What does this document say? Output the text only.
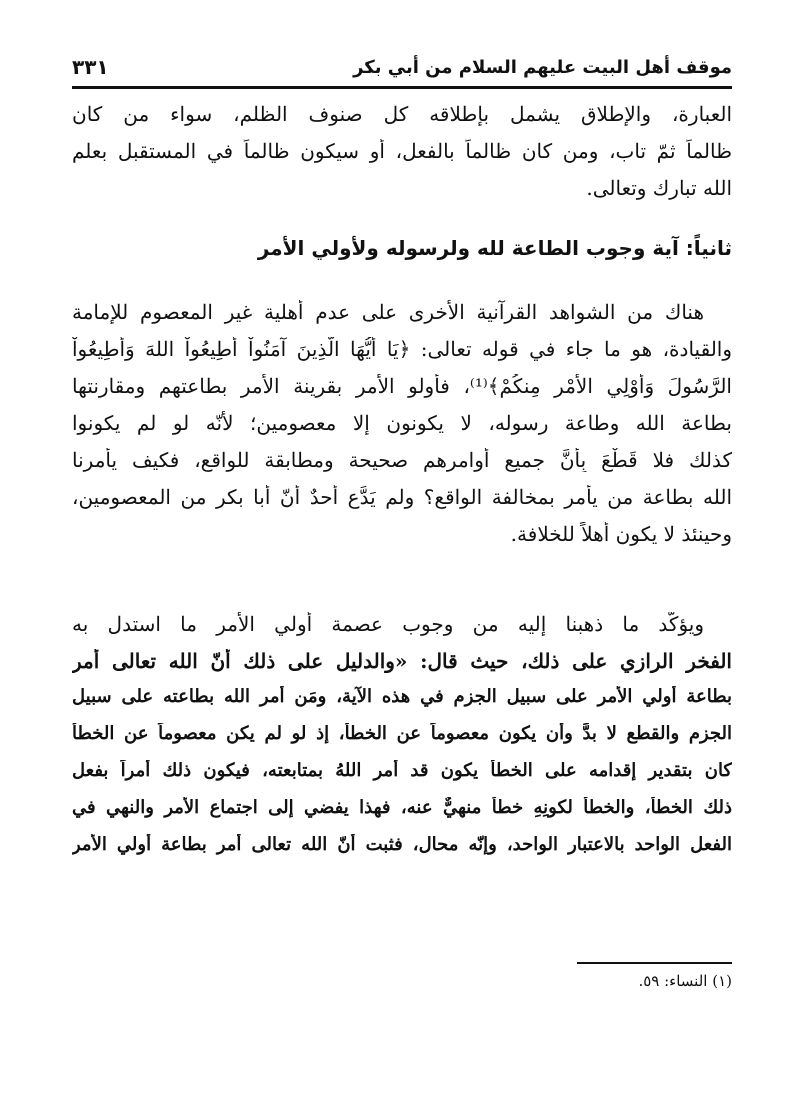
موقف أهل البيت عليهم السلام من أبي بكر
٣٣١
العبارة، والإطلاق يشمل بإطلاقه كل صنوف الظلم، سواء من كان
ظالماً ثمّ تاب، ومن كان ظالماً بالفعل، أو سيكون ظالماً في المستقبل بعلم
الله تبارك وتعالى.
ثانياً: آية وجوب الطاعة لله ولرسوله ولأولي الأمر
هناك من الشواهد القرآنية الأخرى على عدم أهلية غير المعصوم للإمامة
والقيادة، هو ما جاء في قوله تعالى: ﴿يَا أَيُّهَا الَّذِينَ آمَنُواْ أَطِيعُواْ اللهَ وَأَطِيعُواْ
الرَّسُولَ وَأُوْلِي الأَمْرِ مِنكُمْ﴾⁽¹⁾، فأُولو الأمر بقرينة الأمر بطاعتهم ومقارنتها
بطاعة الله وطاعة رسوله، لا يكونون إلا معصومين؛ لأنّه لو لم يكونوا
كذلك فلا قَطْعَ بِأَنَّ جميع أوامرهم صحيحة ومطابقة للواقع، فكيف يأمرنا
الله بطاعة من يأمر بمخالفة الواقع؟ ولم يَدَّعِ أحدٌ أنّ أبا بكر من المعصومين،
وحينئذ لا يكون أهلاً للخلافة.
ويؤكّد ما ذهبنا إليه من وجوب عصمة أولي الأمر ما استدل به
الفخر الرازي على ذلك، حيث قال: «والدليل على ذلك أنّ الله تعالى أمر
بطاعة أولي الأمر على سبيل الجزم في هذه الآية، ومَن أمر الله بطاعته على سبيل
الجزم والقطع لا بدَّ وأن يكون معصوماً عن الخطأ، إذ لو لم يكن معصوماً عن الخطأ
كان بتقدير إقدامه على الخطأ يكون قد أمر اللهُ بمتابعته، فيكون ذلك أمراً بفعل
ذلك الخطأ، والخطأُ لكونِهِ خطأ منهيٌّ عنه، فهذا يفضي إلى اجتماع الأمر والنهي في
الفعل الواحد بالاعتبار الواحد، وإنّه محال، فثبت أنّ الله تعالى أمر بطاعة أولي الأمر
(١) النساء: ٥٩.
